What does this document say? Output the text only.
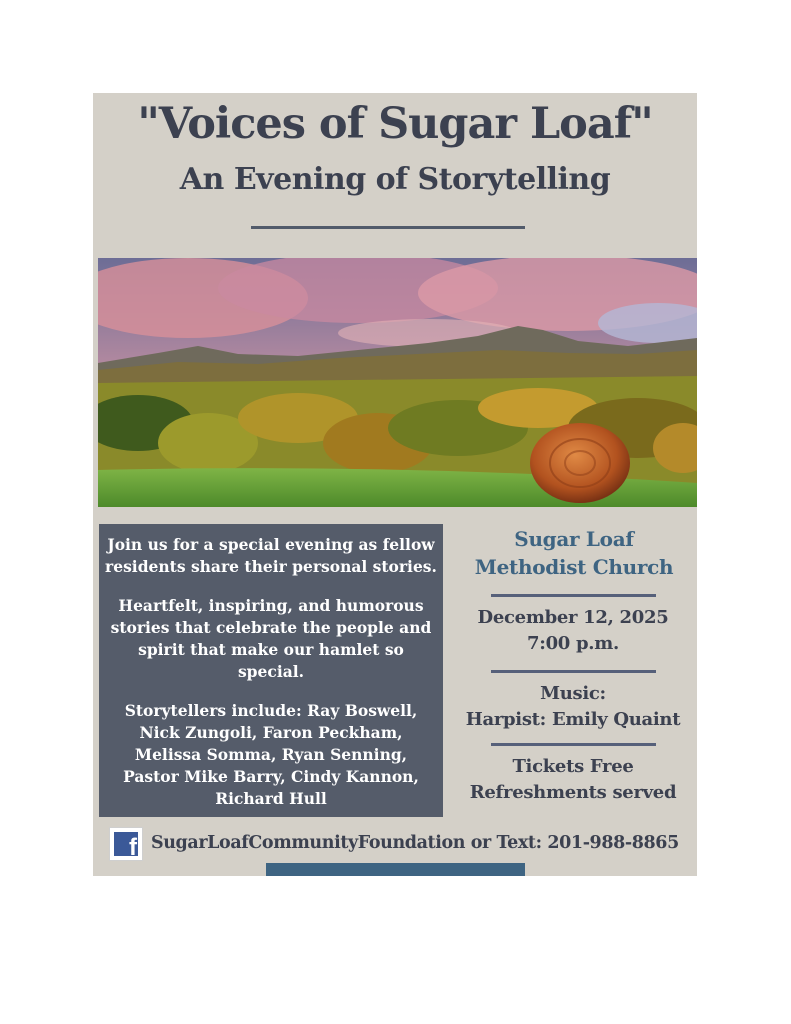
"Voices of Sugar Loaf"
An Evening of Storytelling

Join us for a special evening as fellow residents share their personal stories.

Heartfelt, inspiring, and humorous stories that celebrate the people and spirit that make our hamlet so special.

Storytellers include: Ray Boswell, Nick Zungoli, Faron Peckham, Melissa Somma, Ryan Senning, Pastor Mike Barry, Cindy Kannon, Richard Hull

Sugar Loaf
Methodist Church
December 12, 2025
7:00 p.m.
Music:
Harpist: Emily Quaint
Tickets Free
Refreshments served
f SugarLoafCommunityFoundation or Text: 201-988-8865
